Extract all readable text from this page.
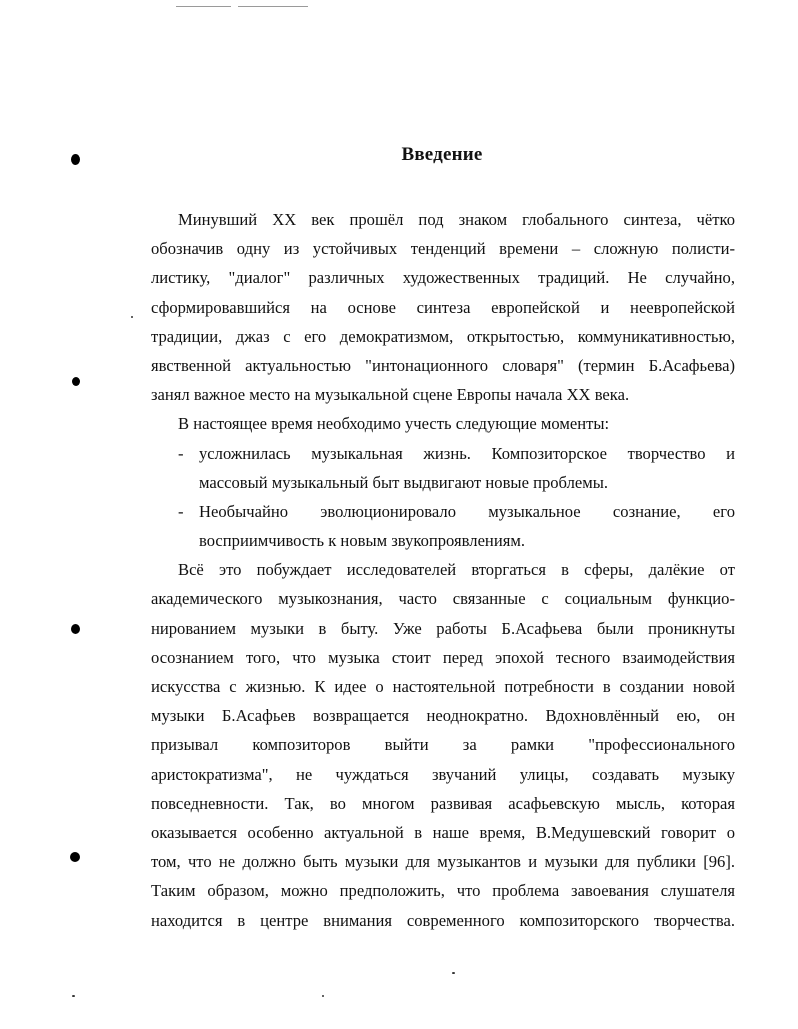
Введение
Минувший XX век прошёл под знаком глобального синтеза, чётко
обозначив одну из устойчивых тенденций времени – сложную полисти-
листику, "диалог" различных художественных традиций. Не случайно,
сформировавшийся на основе синтеза европейской и неевропейской
традиции, джаз с его демократизмом, открытостью, коммуникативностью,
явственной актуальностью "интонационного словаря" (термин Б.Асафьева)
занял важное место на музыкальной сцене Европы начала XX века.
В настоящее время необходимо учесть следующие моменты:
- усложнилась музыкальная жизнь. Композиторское творчество и
массовый музыкальный быт выдвигают новые проблемы.
- Необычайно эволюционировало музыкальное сознание, его
восприимчивость к новым звукопроявлениям.
Всё это побуждает исследователей вторгаться в сферы, далёкие от
академического музыкознания, часто связанные с социальным функцио-
нированием музыки в быту. Уже работы Б.Асафьева были проникнуты
осознанием того, что музыка стоит перед эпохой тесного взаимодействия
искусства с жизнью. К идее о настоятельной потребности в создании новой
музыки Б.Асафьев возвращается неоднократно. Вдохновлённый ею, он
призывал композиторов выйти за рамки "профессионального
аристократизма", не чуждаться звучаний улицы, создавать музыку
повседневности. Так, во многом развивая асафьевскую мысль, которая
оказывается особенно актуальной в наше время, В.Медушевский говорит о
том, что не должно быть музыки для музыкантов и музыки для публики [96].
Таким образом, можно предположить, что проблема завоевания слушателя
находится в центре внимания современного композиторского творчества.
